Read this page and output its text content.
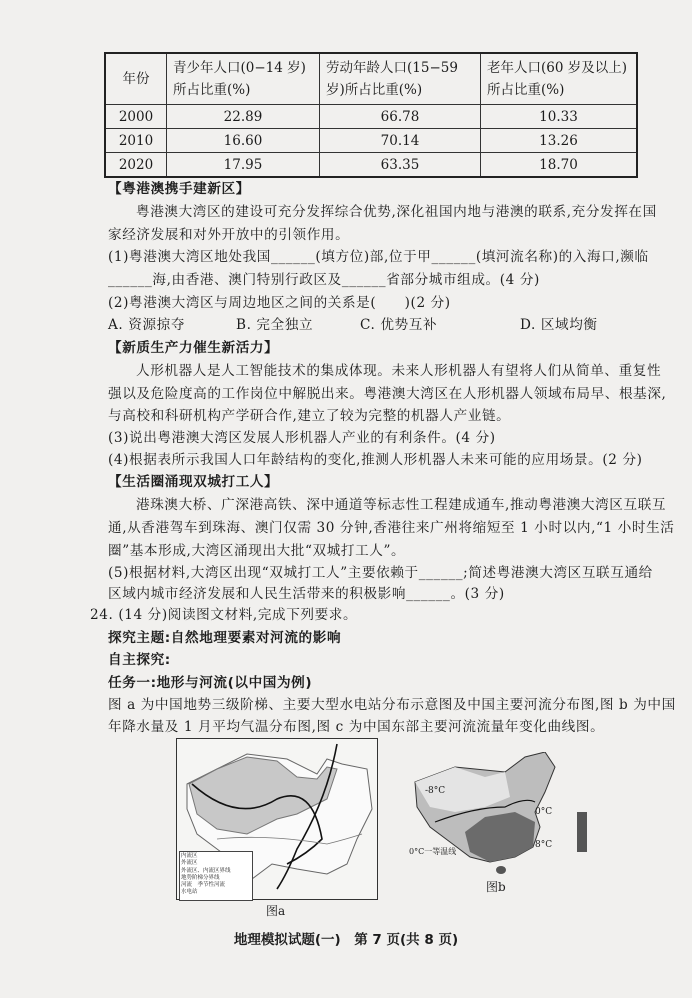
年份	青少年人口(0−14 岁)所占比重(%)	劳动年龄人口(15−59 岁)所占比重(%)	老年人口(60 岁及以上)所占比重(%)
2000	22.89	66.78	10.33
2010	16.60	70.14	13.26
2020	17.95	63.35	18.70
【粤港澳携手建新区】
粤港澳大湾区的建设可充分发挥综合优势,深化祖国内地与港澳的联系,充分发挥在国
家经济发展和对外开放中的引领作用。
(1)粤港澳大湾区地处我国______(填方位)部,位于甲______(填河流名称)的入海口,濒临
______海,由香港、澳门特别行政区及______省部分城市组成。(4 分)
(2)粤港澳大湾区与周边地区之间的关系是(　　)(2 分)
A. 资源掠夺	B. 完全独立	C. 优势互补	D. 区域均衡
【新质生产力催生新活力】
人形机器人是人工智能技术的集成体现。未来人形机器人有望将人们从简单、重复性
强以及危险度高的工作岗位中解脱出来。粤港澳大湾区在人形机器人领域布局早、根基深,
与高校和科研机构产学研合作,建立了较为完整的机器人产业链。
(3)说出粤港澳大湾区发展人形机器人产业的有利条件。(4 分)
(4)根据表所示我国人口年龄结构的变化,推测人形机器人未来可能的应用场景。(2 分)
【生活圈涌现双城打工人】
港珠澳大桥、广深港高铁、深中通道等标志性工程建成通车,推动粤港澳大湾区互联互
通,从香港驾车到珠海、澳门仅需 30 分钟,香港往来广州将缩短至 1 小时以内,“1 小时生活
圈”基本形成,大湾区涌现出大批“双城打工人”。
(5)根据材料,大湾区出现“双城打工人”主要依赖于______;简述粤港澳大湾区互联互通给
区域内城市经济发展和人民生活带来的积极影响______。(3 分)
24. (14 分)阅读图文材料,完成下列要求。
探究主题:自然地理要素对河流的影响
自主探究:
任务一:地形与河流(以中国为例)
图 a 为中国地势三级阶梯、主要大型水电站分布示意图及中国主要河流分布图,图 b 为中国
年降水量及 1 月平均气温分布图,图 c 为中国东部主要河流流量年变化曲线图。
内流区
外流区
外流区、内流区界线
地势阶梯分界线
河流　季节性河流
水电站
图a
-8°C
0°C
8°C
0°C一等温线
图b
地理模拟试题(一)　第 7 页(共 8 页)
